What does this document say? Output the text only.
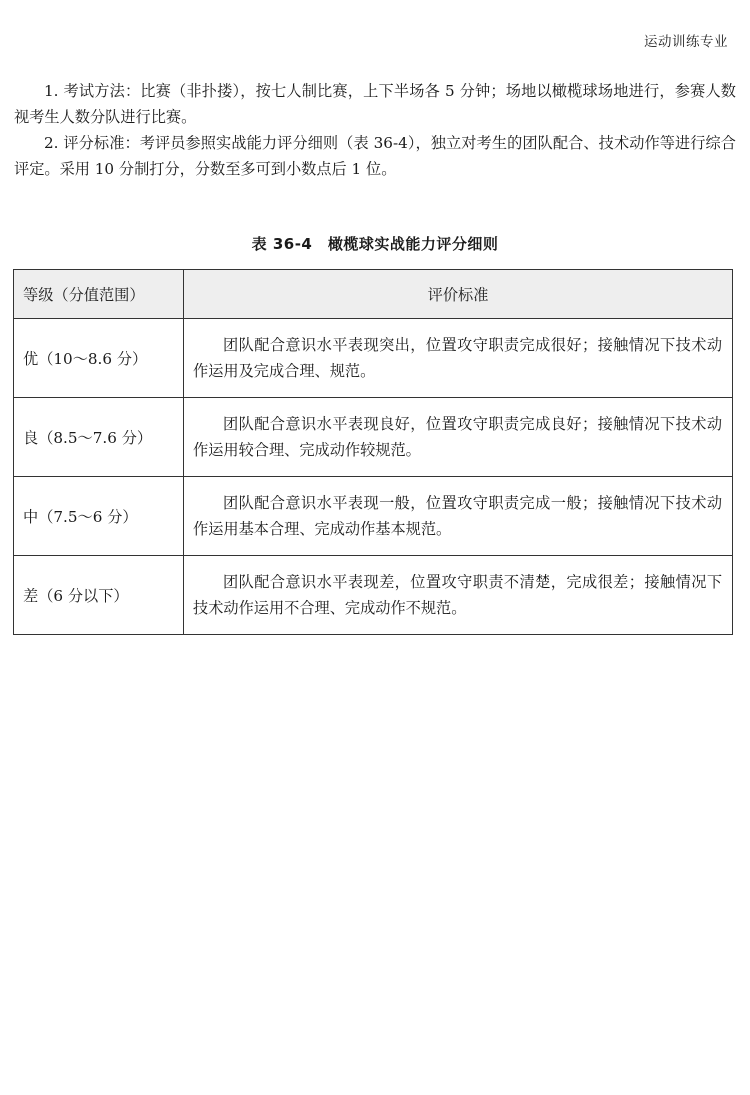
运动训练专业

1. 考试方法：比赛（非扑搂），按七人制比赛，上下半场各 5 分钟；场地以橄榄球场地进行，参赛人数视考生人数分队进行比赛。

2. 评分标准：考评员参照实战能力评分细则（表 36-4），独立对考生的团队配合、技术动作等进行综合评定。采用 10 分制打分，分数至多可到小数点后 1 位。

表 36-4　橄榄球实战能力评分细则
等级（分值范围）	评价标准
优（10～8.6 分）	团队配合意识水平表现突出，位置攻守职责完成很好；接触情况下技术动作运用及完成合理、规范。

良（8.5～7.6 分）	团队配合意识水平表现良好，位置攻守职责完成良好；接触情况下技术动作运用较合理、完成动作较规范。

中（7.5～6 分）	团队配合意识水平表现一般，位置攻守职责完成一般；接触情况下技术动作运用基本合理、完成动作基本规范。

差（6 分以下）	团队配合意识水平表现差，位置攻守职责不清楚，完成很差；接触情况下技术动作运用不合理、完成动作不规范。
